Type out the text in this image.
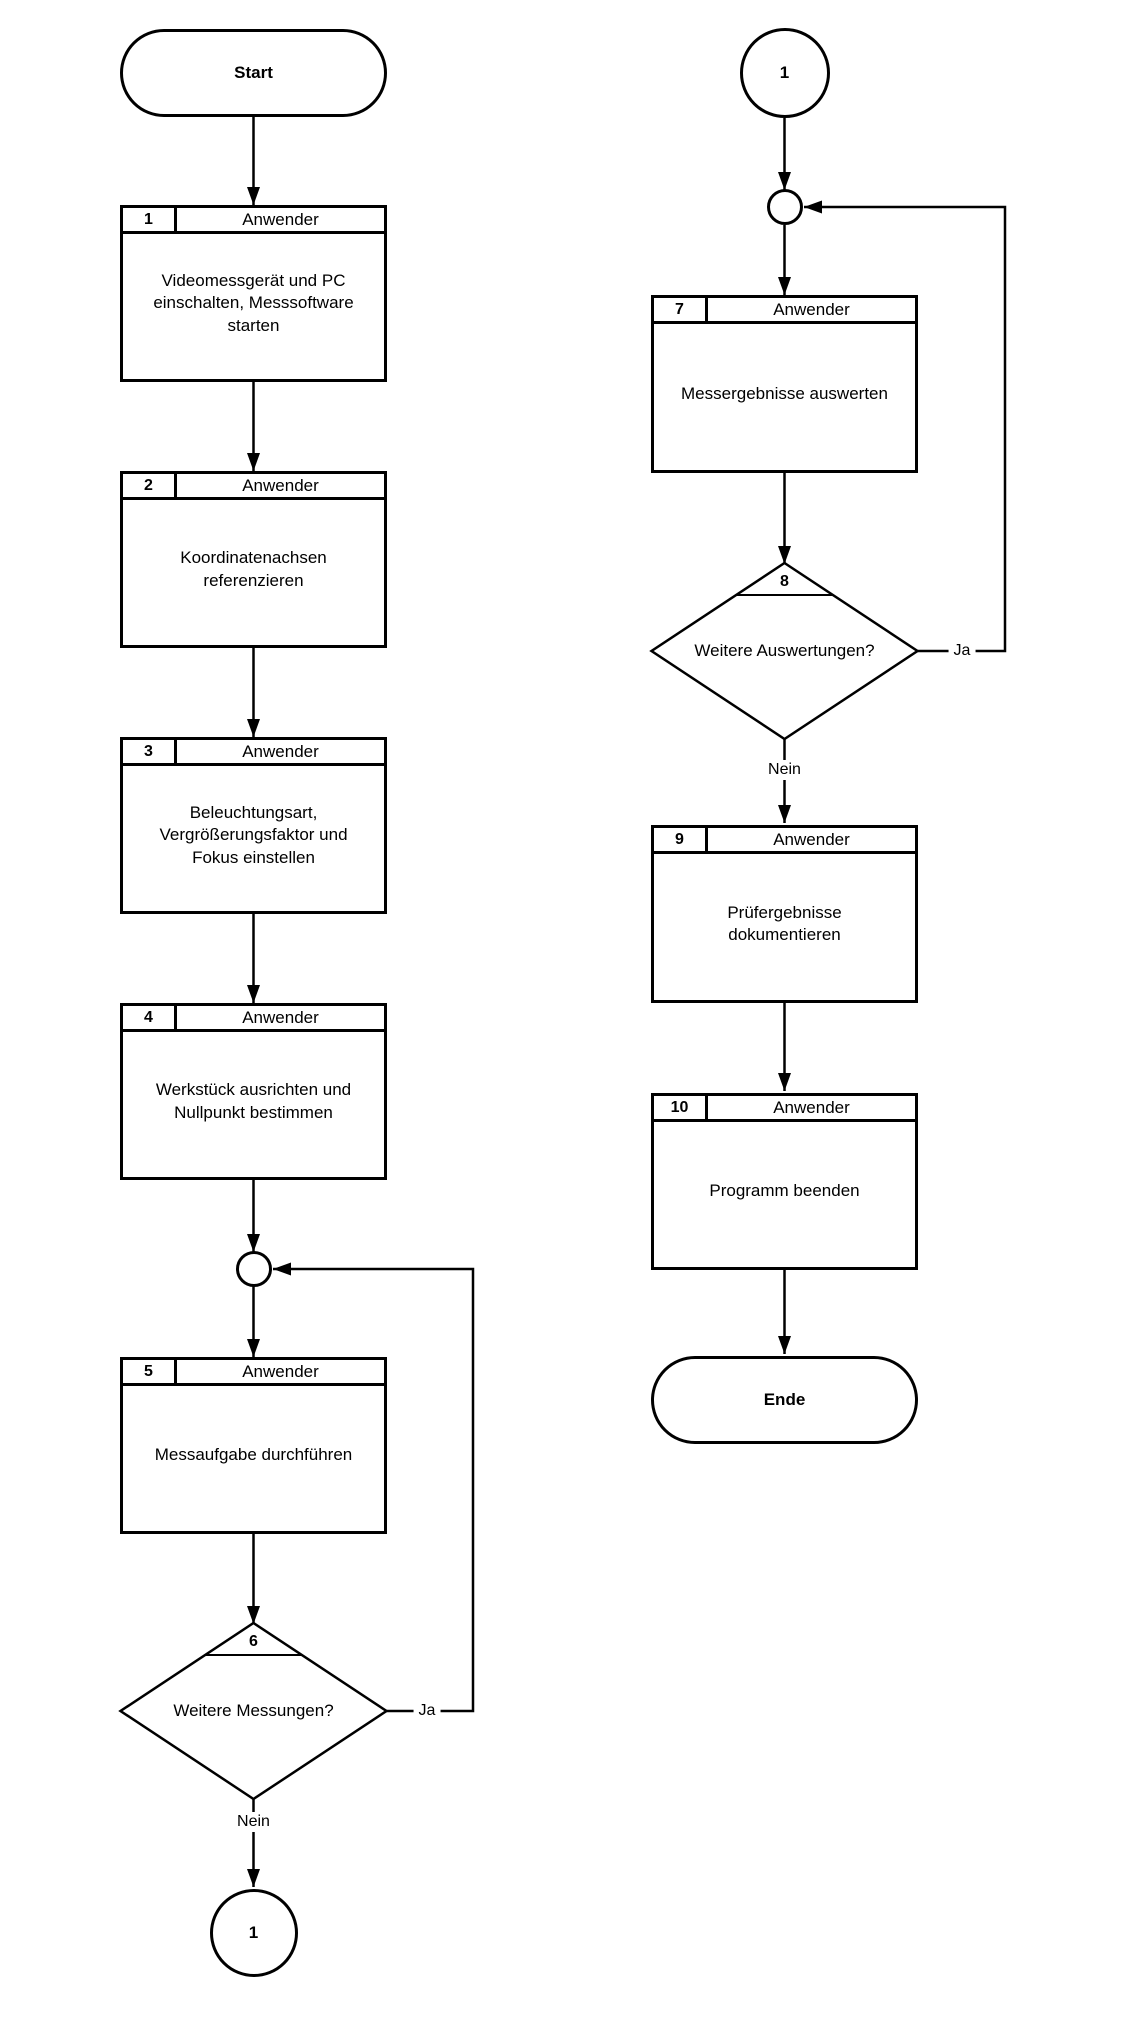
Start
1	Anwender
Videomessgerät und PC einschalten, Messsoftware starten
2	Anwender
Koordinatenachsen referenzieren
3	Anwender
Beleuchtungsart, Vergrößerungsfaktor und Fokus einstellen
4	Anwender
Werkstück ausrichten und Nullpunkt bestimmen
5	Anwender
Messaufgabe durchführen
6
Weitere Messungen?	Ja
Nein
1
1
7	Anwender
Messergebnisse auswerten
8
Weitere Auswertungen?	Ja
Nein
9	Anwender
Prüfergebnisse dokumentieren
10	Anwender
Programm beenden
Ende
